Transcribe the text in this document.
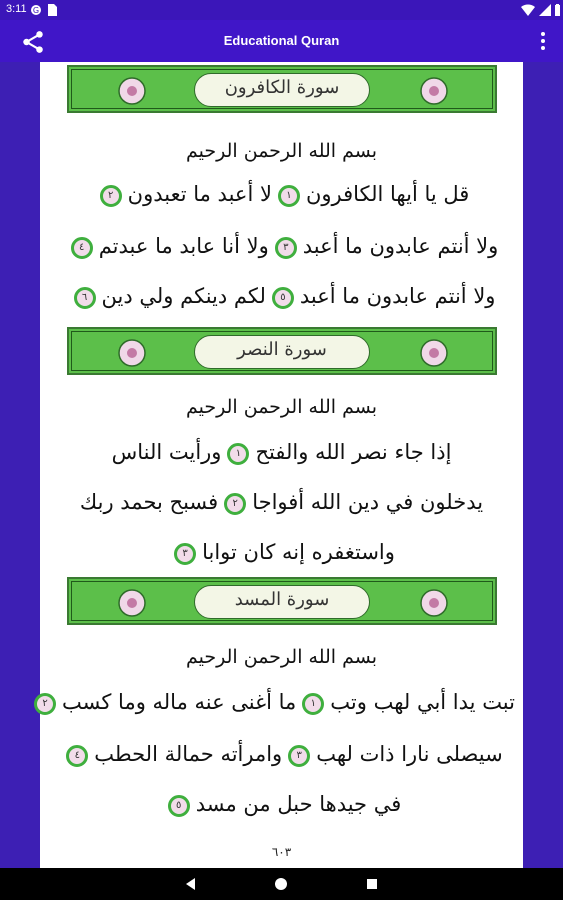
3:11 G
Educational Quran
سورة الكافرون
بسم الله الرحمن الرحيم
قل يا أيها الكافرون١لا أعبد ما تعبدون٢
ولا أنتم عابدون ما أعبد٣ولا أنا عابد ما عبدتم٤
ولا أنتم عابدون ما أعبد٥لكم دينكم ولي دين٦
سورة النصر
بسم الله الرحمن الرحيم
إذا جاء نصر الله والفتح١ورأيت الناس
يدخلون في دين الله أفواجا٢فسبح بحمد ربك
واستغفره إنه كان توابا٣
سورة المسد
بسم الله الرحمن الرحيم
تبت يدا أبي لهب وتب١ما أغنى عنه ماله وما كسب٢
سيصلى نارا ذات لهب٣وامرأته حمالة الحطب٤
في جيدها حبل من مسد٥
٦٠٣
